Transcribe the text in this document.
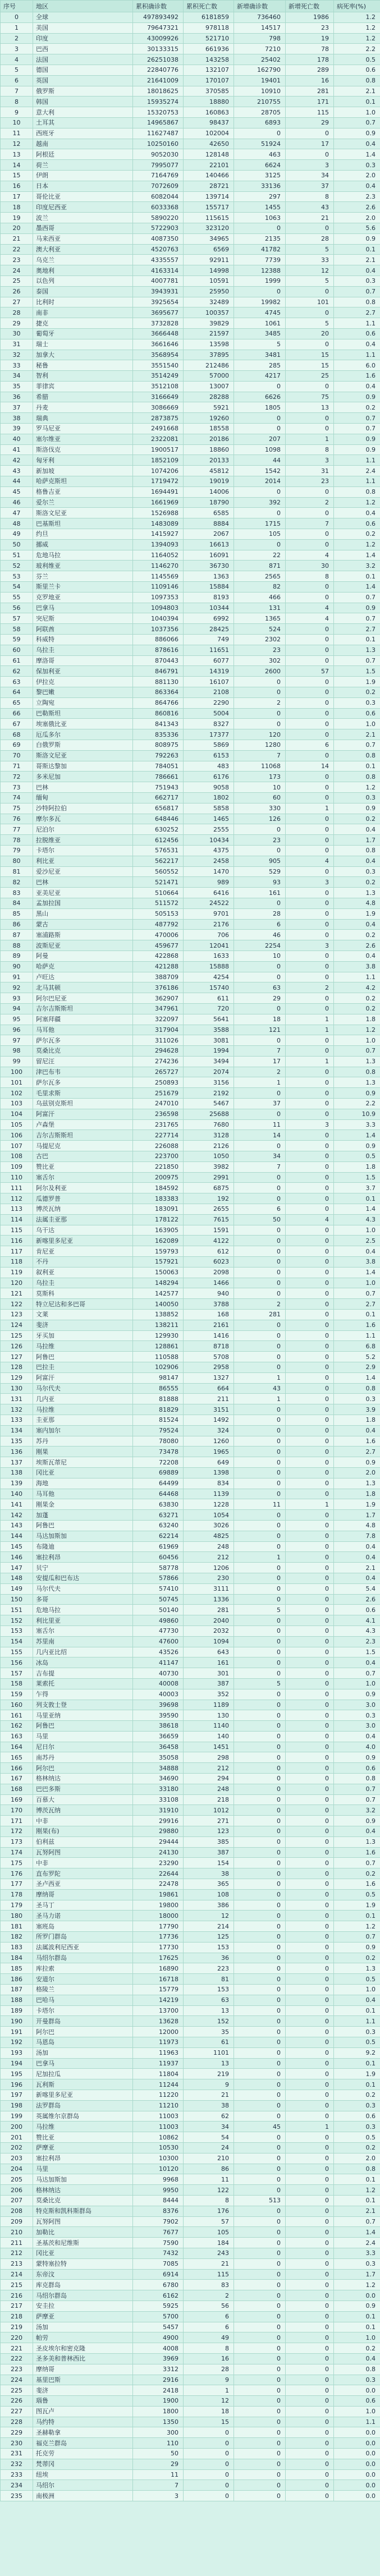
序号	地区	累积确诊数	累积死亡数	新增确诊数	新增死亡数	病死率(%)
0	全球	497893492	6181859	736460	1986	1.2
1	美国	79647321	978118	14517	23	1.2
2	印度	43009926	521710	798	19	1.2
3	巴西	30133315	661936	7210	78	2.2
4	法国	26251038	143258	25402	178	0.5
5	德国	22840776	132107	162790	289	0.6
6	英国	21641009	170107	19401	16	0.8
7	俄罗斯	18018625	370585	10910	281	2.1
8	韩国	15935274	18880	210755	171	0.1
9	意大利	15320753	160863	28705	115	1.0
10	土耳其	14965867	98437	6893	29	0.7
11	西班牙	11627487	102004	0	0	0.9
12	越南	10250160	42650	51924	17	0.4
13	阿根廷	9052030	128148	463	0	1.4
14	荷兰	7995077	22101	6624	3	0.3
15	伊朗	7164769	140466	3125	34	2.0
16	日本	7072609	28721	33136	37	0.4
17	哥伦比亚	6082044	139714	297	8	2.3
18	印度尼西亚	6033368	155717	1455	43	2.6
19	波兰	5890220	115615	1063	21	2.0
20	墨西哥	5722903	323120	0	0	5.6
21	马来西亚	4087350	34965	2135	28	0.9
22	澳大利亚	4520763	6569	41782	5	0.1
23	乌克兰	4335557	92911	7739	33	2.1
24	奥地利	4163314	14998	12388	12	0.4
25	以色列	4007781	10591	1999	5	0.3
26	泰国	3943931	25950	0	0	0.7
27	比利时	3925654	32489	19982	101	0.8
28	南非	3695677	100357	4745	0	2.7
29	捷克	3732828	39829	1061	5	1.1
30	葡萄牙	3666448	21597	3485	20	0.6
31	瑞士	3661646	13598	5	0	0.4
32	加拿大	3568954	37895	3481	15	1.1
33	秘鲁	3551540	212486	285	15	6.0
34	智利	3514249	57000	4217	25	1.6
35	菲律宾	3512108	13007	0	0	0.4
36	希腊	3166649	28288	6626	75	0.9
37	丹麦	3086669	5921	1805	13	0.2
38	瑞典	2873875	19260	0	0	0.7
39	罗马尼亚	2491668	18558	0	0	0.7
40	塞尔维亚	2322081	20186	207	1	0.9
41	斯洛伐克	1900517	18860	1098	8	0.9
42	匈牙利	1852109	20133	44	3	1.1
43	新加坡	1074206	45812	1542	31	2.4
44	哈萨克斯坦	1719472	19019	2014	23	1.1
45	格鲁吉亚	1694491	14006	0	0	0.8
46	爱尔兰	1661969	18790	392	2	1.2
47	斯洛文尼亚	1526988	6585	0	0	0.4
48	巴基斯坦	1483089	8884	1715	7	0.6
49	约旦	1415927	2067	105	0	0.2
50	挪威	1394093	16613	0	0	1.2
51	危地马拉	1164052	16091	22	4	1.4
52	玻利维亚	1146270	36730	871	30	3.2
53	芬兰	1145569	1363	2565	8	0.1
54	斯里兰卡	1109146	15884	82	0	1.4
55	克罗地亚	1097353	8193	466	0	0.7
56	巴拿马	1094803	10344	131	4	0.9
57	突尼斯	1040394	6992	1365	4	0.7
58	阿联酋	1037356	28425	524	0	2.7
59	科威特	886066	749	2302	0	0.1
60	乌拉圭	878616	11651	23	0	1.3
61	摩洛哥	870443	6077	302	0	0.7
62	保加利亚	846791	14319	2600	57	1.5
63	伊拉克	881130	16107	0	0	1.9
64	黎巴嫩	863364	2108	0	0	0.2
65	立陶宛	864766	2290	2	0	0.3
66	巴勒斯坦	860816	5004	0	0	0.6
67	埃塞俄比亚	841343	8327	0	0	1.0
68	厄瓜多尔	835336	17377	120	0	2.1
69	白俄罗斯	808975	5869	1280	6	0.7
70	斯洛文尼亚	792263	6153	7	0	0.8
71	哥斯达黎加	784051	483	11068	14	0.1
72	多米尼加	786661	6176	173	0	0.8
73	巴林	751943	9058	10	0	1.2
74	缅甸	662717	1802	60	0	0.3
75	沙特阿拉伯	656817	5858	330	1	0.9
76	摩尔多瓦	648446	1465	126	0	0.2
77	尼泊尔	630252	2555	0	0	0.4
78	拉脱维亚	612456	10434	23	0	1.7
79	卡塔尔	576531	4375	0	0	0.8
80	利比亚	562217	2458	905	4	0.4
81	爱沙尼亚	560552	1470	529	0	0.3
82	巴林	521471	989	93	3	0.2
83	亚美尼亚	510664	6416	161	0	1.3
84	孟加拉国	511572	24522	0	0	4.8
85	黑山	505153	9701	28	0	1.9
86	蒙古	487792	2176	6	0	0.4
87	塞浦路斯	470006	706	46	0	0.2
88	波斯尼亚	459677	12041	2254	3	2.6
89	阿曼	422868	1633	10	0	0.4
90	哈萨克	421288	15888	0	0	3.8
91	卢旺达	388709	4254	0	0	1.1
92	北马其顿	376186	15740	63	2	4.2
93	阿尔巴尼亚	362907	611	29	0	0.2
94	吉尔吉斯斯坦	347961	720	0	0	0.2
95	阿塞拜疆	322097	5641	18	1	1.8
96	马耳他	317904	3588	121	1	1.2
97	萨尔瓦多	311026	3081	0	0	1.0
98	莫桑比克	294628	1994	7	0	0.7
99	留尼汪	274236	3494	17	1	1.3
100	津巴布韦	265727	2074	2	0	0.8
101	萨尔瓦多	250893	3156	1	0	1.3
102	毛里求斯	251679	2192	0	0	0.9
103	乌兹别克斯坦	247010	5467	37	0	2.2
104	阿富汗	236598	25688	0	0	10.9
105	卢森堡	231765	7680	11	3	3.3
106	吉尔吉斯斯坦	227714	3128	14	0	1.4
107	马提尼克	226088	2126	0	0	0.9
108	古巴	223700	1050	34	0	0.5
109	赞比亚	221850	3982	7	0	1.8
110	塞舌尔	200975	2991	0	0	1.5
111	阿尔及利亚	184592	6875	0	0	3.7
112	瓜德罗普	183383	192	0	0	0.1
113	博茨瓦纳	183091	2655	6	0	1.4
114	法属圭亚那	178122	7615	50	4	4.3
115	乌干达	163905	1591	0	0	1.0
116	新喀里多尼亚	162089	4122	0	0	2.5
117	肯尼亚	159793	612	0	0	0.4
118	不丹	157921	6023	0	0	3.8
119	叙利亚	150063	2098	0	0	1.4
120	乌拉圭	148294	1466	0	0	1.0
121	莫斯科	142577	940	0	0	0.7
122	特立尼达和多巴哥	140050	3788	2	0	2.7
123	文莱	138852	168	281	0	0.1
124	斐济	138211	2161	0	0	1.6
125	牙买加	129930	1416	0	0	1.1
126	马拉维	128861	8718	0	0	6.8
127	阿鲁巴	110588	5708	0	0	5.2
128	巴拉圭	102906	2958	0	0	2.9
129	阿富汗	98147	1327	1	0	1.4
130	马尔代夫	86555	664	43	0	0.8
131	几内亚	81888	211	1	0	0.3
132	马拉维	81829	3151	0	0	3.9
133	圭亚那	81524	1492	0	0	1.8
134	塞内加尔	79524	324	0	0	0.4
135	苏丹	78080	1260	0	0	1.6
136	刚果	73478	1965	0	0	2.7
137	埃斯瓦蒂尼	72208	649	0	0	0.9
138	冈比亚	69889	1398	0	0	2.0
139	海地	64499	834	0	0	1.3
140	马耳他	64468	1139	0	0	1.8
141	刚果金	63830	1228	11	1	1.9
142	加蓬	63271	1054	0	0	1.7
143	阿鲁巴	63240	3026	0	0	4.8
144	马达加斯加	62214	4825	0	0	7.8
145	布隆迪	61969	248	0	0	0.4
146	塞拉利昂	60456	212	1	0	0.4
147	贝宁	58778	1206	0	0	2.1
148	安提瓜和巴布达	57866	230	0	0	0.4
149	马尔代夫	57410	3111	0	0	5.4
150	多哥	50745	1336	0	0	2.6
151	危地马拉	50140	281	5	0	0.6
152	利比里亚	49860	2040	0	0	4.1
153	塞舌尔	47730	2032	0	0	4.3
154	苏里南	47600	1094	0	0	2.3
155	几内亚比绍	43526	643	0	0	1.5
156	冰岛	41147	161	0	0	0.4
157	吉布提	40730	301	0	0	0.7
158	莱索托	40008	387	5	0	1.0
159	乍得	40003	352	0	0	0.9
160	列支敦士登	39698	1189	0	0	3.0
161	马里亚纳	39590	130	0	0	0.3
162	阿鲁巴	38618	1140	0	0	3.0
163	马里	36659	140	0	0	0.4
164	尼日尔	36458	1451	0	0	4.0
165	南苏丹	35058	298	0	0	0.9
166	阿尔巴	34888	212	0	0	0.6
167	格林纳达	34690	294	0	0	0.8
168	巴巴多斯	33180	248	0	0	0.7
169	百慕大	33108	218	0	0	0.7
170	博茨瓦纳	31910	1012	0	0	3.2
171	中非	29916	271	0	0	0.9
172	刚果(布)	29880	123	0	0	0.4
173	伯利兹	29444	385	0	0	1.3
174	瓦努阿图	24130	387	0	0	1.6
175	中非	23290	154	0	0	0.7
176	直布罗陀	22644	38	0	0	0.2
177	圣卢西亚	22478	365	0	0	1.6
178	摩纳哥	19861	108	0	0	0.5
179	圣马丁	19800	386	0	0	1.9
180	圣马力诺	18000	12	0	0	0.1
181	塞班岛	17790	214	0	0	1.2
182	所罗门群岛	17736	125	0	0	0.7
183	法属波利尼西亚	17730	153	0	0	0.9
184	马绍尔群岛	17625	36	0	0	0.2
185	库拉索	16890	223	0	0	1.3
186	安道尔	16718	81	0	0	0.5
187	格陵兰	15779	153	0	0	1.0
188	巴哈马	14219	63	0	0	0.4
189	卡塔尔	13700	13	0	0	0.1
190	开曼群岛	13628	152	0	0	1.1
191	阿尔巴	12000	35	0	0	0.3
192	马恩岛	11973	61	0	0	0.5
193	汤加	11963	1101	0	0	9.2
194	巴拿马	11937	13	0	0	0.1
195	尼加拉瓜	11804	219	0	0	1.9
196	瓦利斯	11244	9	0	0	0.1
197	新喀里多尼亚	11220	21	0	0	0.2
198	法罗群岛	11210	38	0	0	0.3
199	英属维尔京群岛	11003	62	0	0	0.6
200	马拉维	11003	34	45	1	0.3
201	赞比亚	10862	54	0	0	0.5
202	萨摩亚	10530	24	0	0	0.2
203	塞拉利昂	10300	210	0	0	2.0
204	马里	10120	86	0	0	0.8
205	马达加斯加	9968	11	0	0	0.1
206	格林纳达	9950	122	0	0	1.2
207	莫桑比克	8444	8	513	0	0.1
208	特克斯和凯科斯群岛	8376	176	0	0	2.1
209	瓦努阿图	7902	57	0	0	0.7
210	加勒比	7677	105	0	0	1.4
211	圣基茨和尼维斯	7590	184	0	0	2.4
212	冈比亚	7432	243	0	0	3.3
213	蒙特塞拉特	7085	21	0	0	0.3
214	东帝汶	6914	115	0	0	1.7
215	库克群岛	6780	83	0	0	1.2
216	马绍尔群岛	6162	2	0	0	0.0
217	安圭拉	5925	56	0	0	0.9
218	萨摩亚	5700	6	0	0	0.1
219	汤加	5457	6	0	0	0.1
220	帕劳	4900	49	0	0	1.0
221	圣皮埃尔和密克隆	4008	8	0	0	0.2
222	圣多美和普林西比	3969	16	0	0	0.4
223	摩纳哥	3312	28	0	0	0.8
224	基里巴斯	2916	9	0	0	0.3
225	斐济	2418	1	0	0	0.0
226	瑙鲁	1900	12	0	0	0.6
227	图瓦卢	1800	18	0	0	1.0
228	马约特	1350	15	0	0	1.1
229	圣赫勒拿	300	0	0	0	0.0
230	福克兰群岛	110	0	0	0	0.0
231	托克劳	50	0	0	0	0.0
232	梵蒂冈	29	0	0	0	0.0
233	纽埃	11	0	0	0	0.0
234	马绍尔	7	0	0	0	0.0
235	南极洲	3	0	0	0	0.0
